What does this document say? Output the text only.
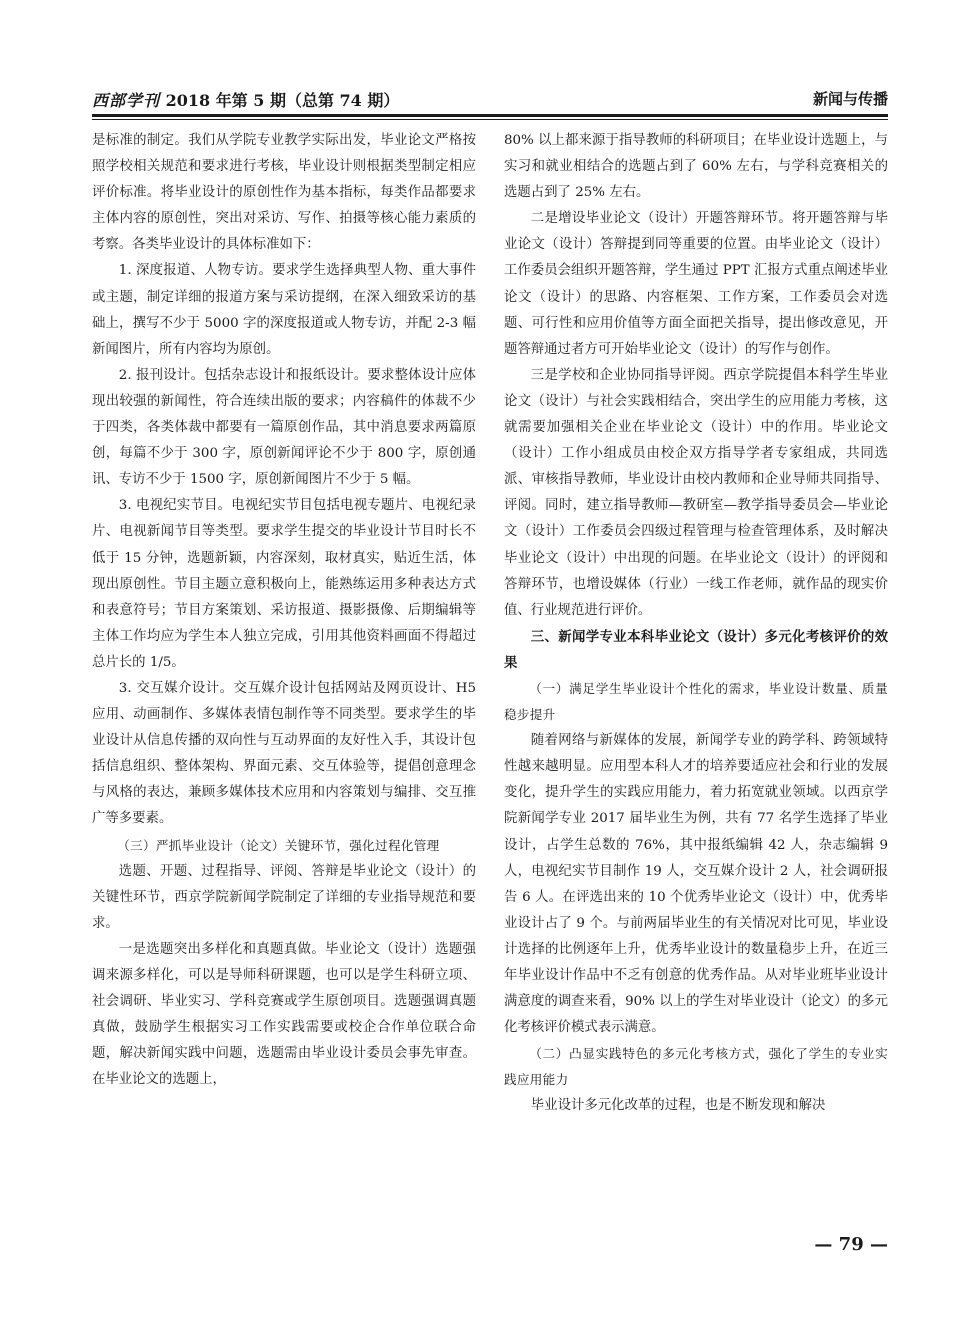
西部学刊 2018 年第 5 期（总第 74 期）	新闻与传播

是标准的制定。我们从学院专业教学实际出发，毕业论文严格按照学校相关规范和要求进行考核，毕业设计则根据类型制定相应评价标准。将毕业设计的原创性作为基本指标，每类作品都要求主体内容的原创性，突出对采访、写作、拍摄等核心能力素质的考察。各类毕业设计的具体标准如下：

1. 深度报道、人物专访。要求学生选择典型人物、重大事件或主题，制定详细的报道方案与采访提纲，在深入细致采访的基础上，撰写不少于 5000 字的深度报道或人物专访，并配 2-3 幅新闻图片，所有内容均为原创。

2. 报刊设计。包括杂志设计和报纸设计。要求整体设计应体现出较强的新闻性，符合连续出版的要求；内容稿件的体裁不少于四类，各类体裁中都要有一篇原创作品，其中消息要求两篇原创，每篇不少于 300 字，原创新闻评论不少于 800 字，原创通讯、专访不少于 1500 字，原创新闻图片不少于 5 幅。

3. 电视纪实节目。电视纪实节目包括电视专题片、电视纪录片、电视新闻节目等类型。要求学生提交的毕业设计节目时长不低于 15 分钟，选题新颖，内容深刻，取材真实，贴近生活，体现出原创性。节目主题立意积极向上，能熟练运用多种表达方式和表意符号；节目方案策划、采访报道、摄影摄像、后期编辑等主体工作均应为学生本人独立完成，引用其他资料画面不得超过总片长的 1/5。

3. 交互媒介设计。交互媒介设计包括网站及网页设计、H5 应用、动画制作、多媒体表情包制作等不同类型。要求学生的毕业设计从信息传播的双向性与互动界面的友好性入手，其设计包括信息组织、整体架构、界面元素、交互体验等，提倡创意理念与风格的表达，兼顾多媒体技术应用和内容策划与编排、交互推广等多要素。

（三）严抓毕业设计（论文）关键环节，强化过程化管理

选题、开题、过程指导、评阅、答辩是毕业论文（设计）的关键性环节，西京学院新闻学院制定了详细的专业指导规范和要求。

一是选题突出多样化和真题真做。毕业论文（设计）选题强调来源多样化，可以是导师科研课题，也可以是学生科研立项、社会调研、毕业实习、学科竞赛或学生原创项目。选题强调真题真做，鼓励学生根据实习工作实践需要或校企合作单位联合命题，解决新闻实践中问题，选题需由毕业设计委员会事先审查。在毕业论文的选题上，

80% 以上都来源于指导教师的科研项目；在毕业设计选题上，与实习和就业相结合的选题占到了 60% 左右，与学科竞赛相关的选题占到了 25% 左右。

二是增设毕业论文（设计）开题答辩环节。将开题答辩与毕业论文（设计）答辩提到同等重要的位置。由毕业论文（设计）工作委员会组织开题答辩，学生通过 PPT 汇报方式重点阐述毕业论文（设计）的思路、内容框架、工作方案，工作委员会对选题、可行性和应用价值等方面全面把关指导，提出修改意见，开题答辩通过者方可开始毕业论文（设计）的写作与创作。

三是学校和企业协同指导评阅。西京学院提倡本科学生毕业论文（设计）与社会实践相结合，突出学生的应用能力考核，这就需要加强相关企业在毕业论文（设计）中的作用。毕业论文（设计）工作小组成员由校企双方指导学者专家组成，共同选派、审核指导教师，毕业设计由校内教师和企业导师共同指导、评阅。同时，建立指导教师—教研室—教学指导委员会—毕业论文（设计）工作委员会四级过程管理与检查管理体系，及时解决毕业论文（设计）中出现的问题。在毕业论文（设计）的评阅和答辩环节，也增设媒体（行业）一线工作老师，就作品的现实价值、行业规范进行评价。

三、新闻学专业本科毕业论文（设计）多元化考核评价的效果

（一）满足学生毕业设计个性化的需求，毕业设计数量、质量稳步提升

随着网络与新媒体的发展，新闻学专业的跨学科、跨领域特性越来越明显。应用型本科人才的培养要适应社会和行业的发展变化，提升学生的实践应用能力，着力拓宽就业领域。以西京学院新闻学专业 2017 届毕业生为例，共有 77 名学生选择了毕业设计，占学生总数的 76%，其中报纸编辑 42 人，杂志编辑 9 人，电视纪实节目制作 19 人，交互媒介设计 2 人，社会调研报告 6 人。在评选出来的 10 个优秀毕业论文（设计）中，优秀毕业设计占了 9 个。与前两届毕业生的有关情况对比可见，毕业设计选择的比例逐年上升，优秀毕业设计的数量稳步上升，在近三年毕业设计作品中不乏有创意的优秀作品。从对毕业班毕业设计满意度的调查来看，90% 以上的学生对毕业设计（论文）的多元化考核评价模式表示满意。

（二）凸显实践特色的多元化考核方式，强化了学生的专业实践应用能力

毕业设计多元化改革的过程，也是不断发现和解决

— 79 —
